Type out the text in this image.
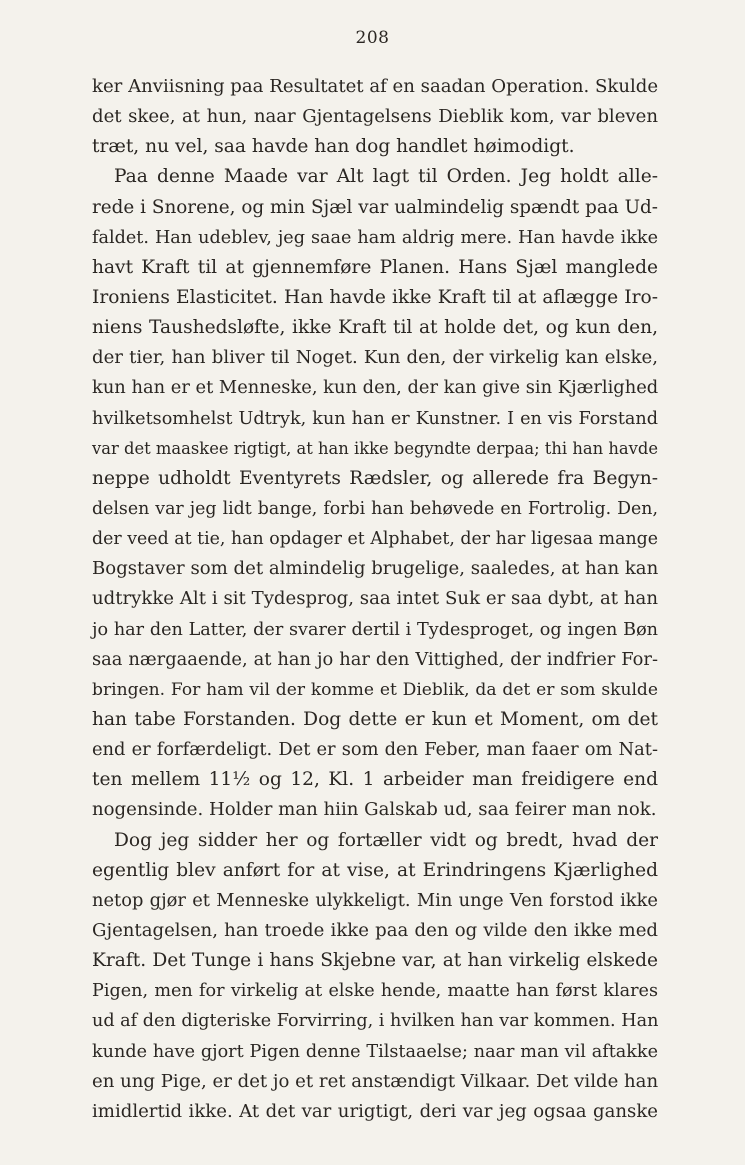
208
ker Anviisning paa Resultatet af en saadan Operation. Skulde
det skee, at hun, naar Gjentagelsens Dieblik kom, var bleven
træt, nu vel, saa havde han dog handlet høimodigt.
Paa denne Maade var Alt lagt til Orden. Jeg holdt alle-
rede i Snorene, og min Sjæl var ualmindelig spændt paa Ud-
faldet. Han udeblev, jeg saae ham aldrig mere. Han havde ikke
havt Kraft til at gjennemføre Planen. Hans Sjæl manglede
Ironiens Elasticitet. Han havde ikke Kraft til at aflægge Iro-
niens Taushedsløfte, ikke Kraft til at holde det, og kun den,
der tier, han bliver til Noget. Kun den, der virkelig kan elske,
kun han er et Menneske, kun den, der kan give sin Kjærlighed
hvilketsomhelst Udtryk, kun han er Kunstner. I en vis Forstand
var det maaskee rigtigt, at han ikke begyndte derpaa; thi han havde
neppe udholdt Eventyrets Rædsler, og allerede fra Begyn-
delsen var jeg lidt bange, forbi han behøvede en Fortrolig. Den,
der veed at tie, han opdager et Alphabet, der har ligesaa mange
Bogstaver som det almindelig brugelige, saaledes, at han kan
udtrykke Alt i sit Tydesprog, saa intet Suk er saa dybt, at han
jo har den Latter, der svarer dertil i Tydesproget, og ingen Bøn
saa nærgaaende, at han jo har den Vittighed, der indfrier For-
bringen. For ham vil der komme et Dieblik, da det er som skulde
han tabe Forstanden. Dog dette er kun et Moment, om det
end er forfærdeligt. Det er som den Feber, man faaer om Nat-
ten mellem 11½ og 12, Kl. 1 arbeider man freidigere end
nogensinde. Holder man hiin Galskab ud, saa feirer man nok.
Dog jeg sidder her og fortæller vidt og bredt, hvad der
egentlig blev anført for at vise, at Erindringens Kjærlighed
netop gjør et Menneske ulykkeligt. Min unge Ven forstod ikke
Gjentagelsen, han troede ikke paa den og vilde den ikke med
Kraft. Det Tunge i hans Skjebne var, at han virkelig elskede
Pigen, men for virkelig at elske hende, maatte han først klares
ud af den digteriske Forvirring, i hvilken han var kommen. Han
kunde have gjort Pigen denne Tilstaaelse; naar man vil aftakke
en ung Pige, er det jo et ret anstændigt Vilkaar. Det vilde han
imidlertid ikke. At det var urigtigt, deri var jeg ogsaa ganske
